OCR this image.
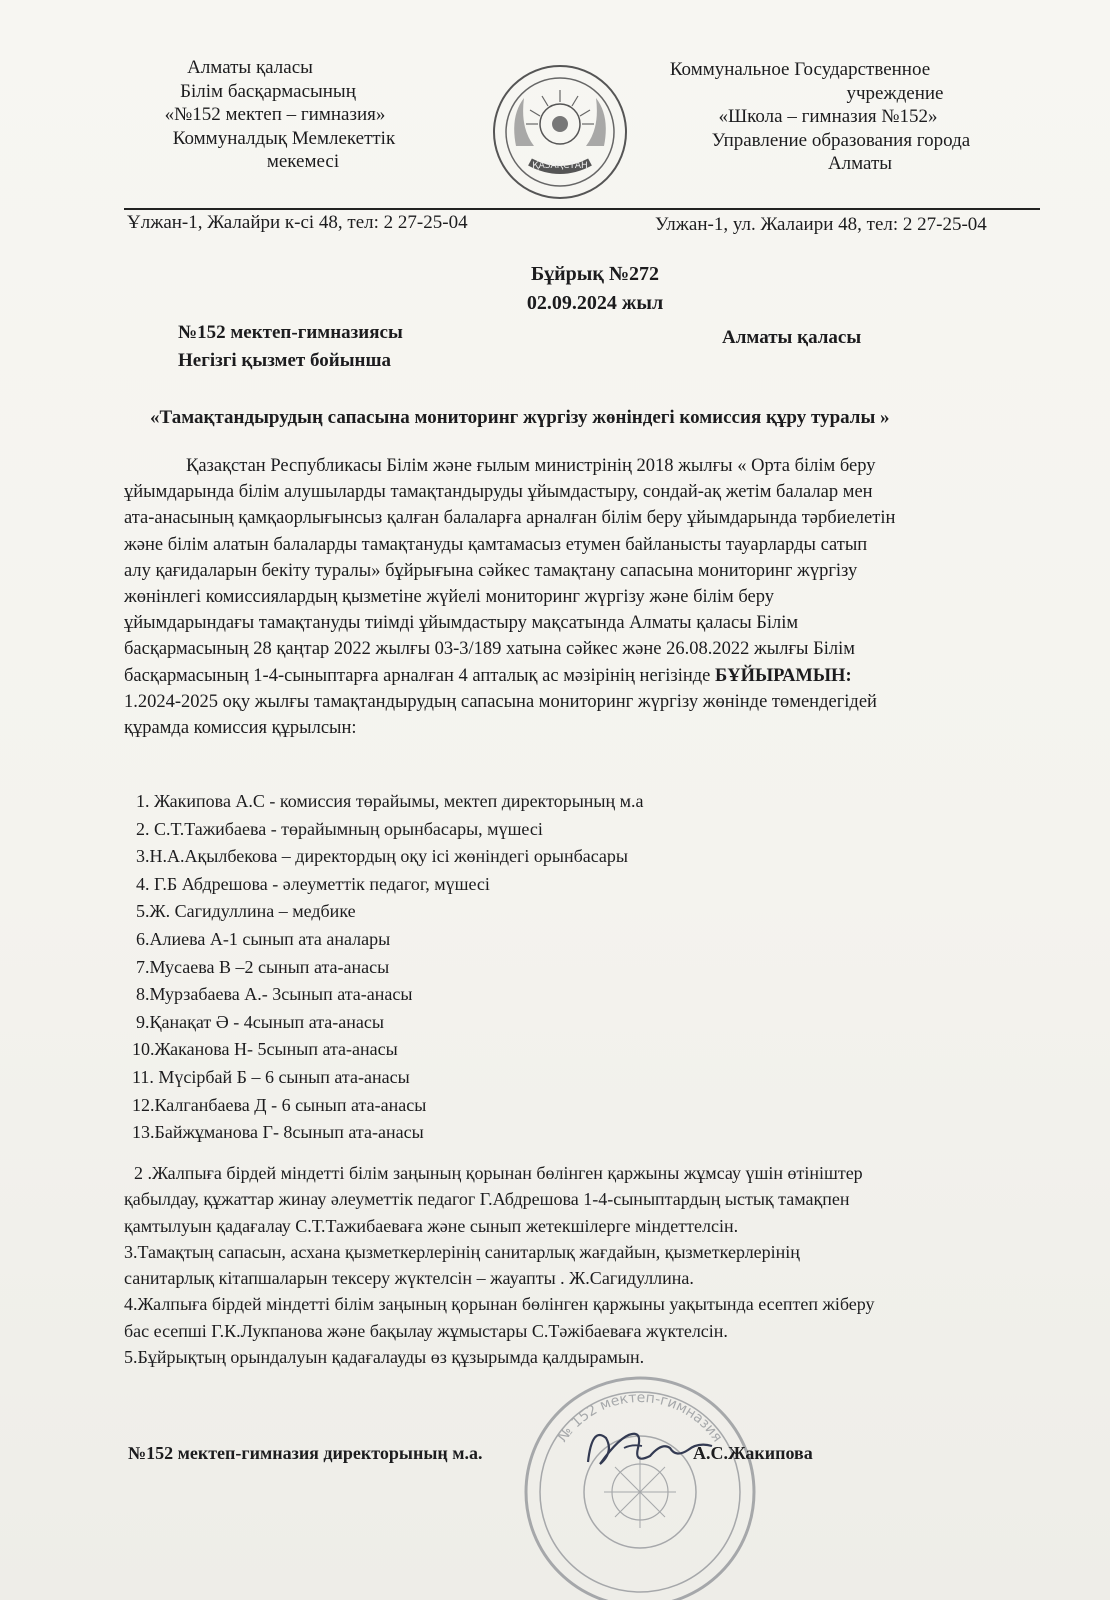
Алматы қаласы
Білім басқармасының
«№152 мектеп – гимназия»
Коммуналдық Мемлекеттік
мекемесі	ҚАЗАҚСТАН
Коммунальное Государственное
учреждение
«Школа – гимназия №152»
Управление образования города
Алматы
Ұлжан-1, Жалайри к-сі 48, тел: 2 27-25-04	Улжан-1, ул. Жалаири 48, тел: 2 27-25-04
Бұйрық №272
02.09.2024 жыл
№152 мектеп-гимназиясы
Негізгі қызмет бойынша
Алматы қаласы
«Тамақтандырудың сапасына мониторинг жүргізу жөніндегі комиссия құру туралы »
Қазақстан Республикасы Білім және ғылым министрінің 2018 жылғы « Орта білім беру
ұйымдарында білім алушыларды тамақтандыруды ұйымдастыру, сондай-ақ жетім балалар мен
ата-анасының қамқаорлығынсыз қалған балаларға арналған білім беру ұйымдарында тәрбиелетін
және білім алатын балаларды тамақтануды қамтамасыз етумен байланысты тауарларды сатып
алу қағидаларын бекіту туралы» бұйрығына сәйкес тамақтану сапасына мониторинг жүргізу
жөнінлегі комиссиялардың қызметіне жүйелі мониторинг жүргізу және білім беру
ұйымдарындағы тамақтануды тиімді ұйымдастыру мақсатында Алматы қаласы Білім
басқармасының 28 қаңтар 2022 жылғы 03-3/189 хатына сәйкес және 26.08.2022 жылғы Білім
басқармасының 1-4-сыныптарға арналған 4 апталық ас мәзірінің негізінде БҰЙЫРАМЫН:
1.2024-2025 оқу жылғы тамақтандырудың сапасына мониторинг жүргізу жөнінде төмендегідей
құрамда комиссия құрылсын:
1. Жакипова А.С - комиссия төрайымы, мектеп директорының м.а
2. С.Т.Тажибаева - төрайымның орынбасары, мүшесі
3.Н.А.Ақылбекова – директордың оқу ісі жөніндегі орынбасары
4. Г.Б Абдрешова - әлеуметтік педагог, мүшесі
5.Ж. Сагидуллина – медбике
6.Алиева А-1 сынып ата аналары
7.Мусаева В –2 сынып ата-анасы
8.Мурзабаева А.- 3сынып ата-анасы
9.Қанақат Ә - 4сынып ата-анасы
10.Жаканова Н- 5сынып ата-анасы
11. Мүсірбай Б – 6 сынып ата-анасы
12.Калганбаева Д - 6 сынып ата-анасы
13.Байжұманова Г- 8сынып ата-анасы
2 .Жалпыға бірдей міндетті білім заңының қорынан бөлінген қаржыны жұмсау үшін өтініштер
қабылдау, құжаттар жинау әлеуметтік педагог Г.Абдрешова 1-4-сыныптардың ыстық тамақпен
қамтылуын қадағалау С.Т.Тажибаеваға және сынып жетекшілерге міндеттелсін.
3.Тамақтың сапасын, асхана қызметкерлерінің санитарлық жағдайын, қызметкерлерінің
санитарлық кітапшаларын тексеру жүктелсін – жауапты . Ж.Сагидуллина.
4.Жалпыға бірдей міндетті білім заңының қорынан бөлінген қаржыны уақытында есептеп жіберу
бас есепші Г.К.Лукпанова және бақылау жұмыстары С.Тәжібаеваға жүктелсін.
5.Бұйрықтың орындалуын қадағалауды өз құзырымда қалдырамын.
№ 152 мектеп-гимназия
№152 мектеп-гимназия директорының м.а.	А.С.Жакипова
